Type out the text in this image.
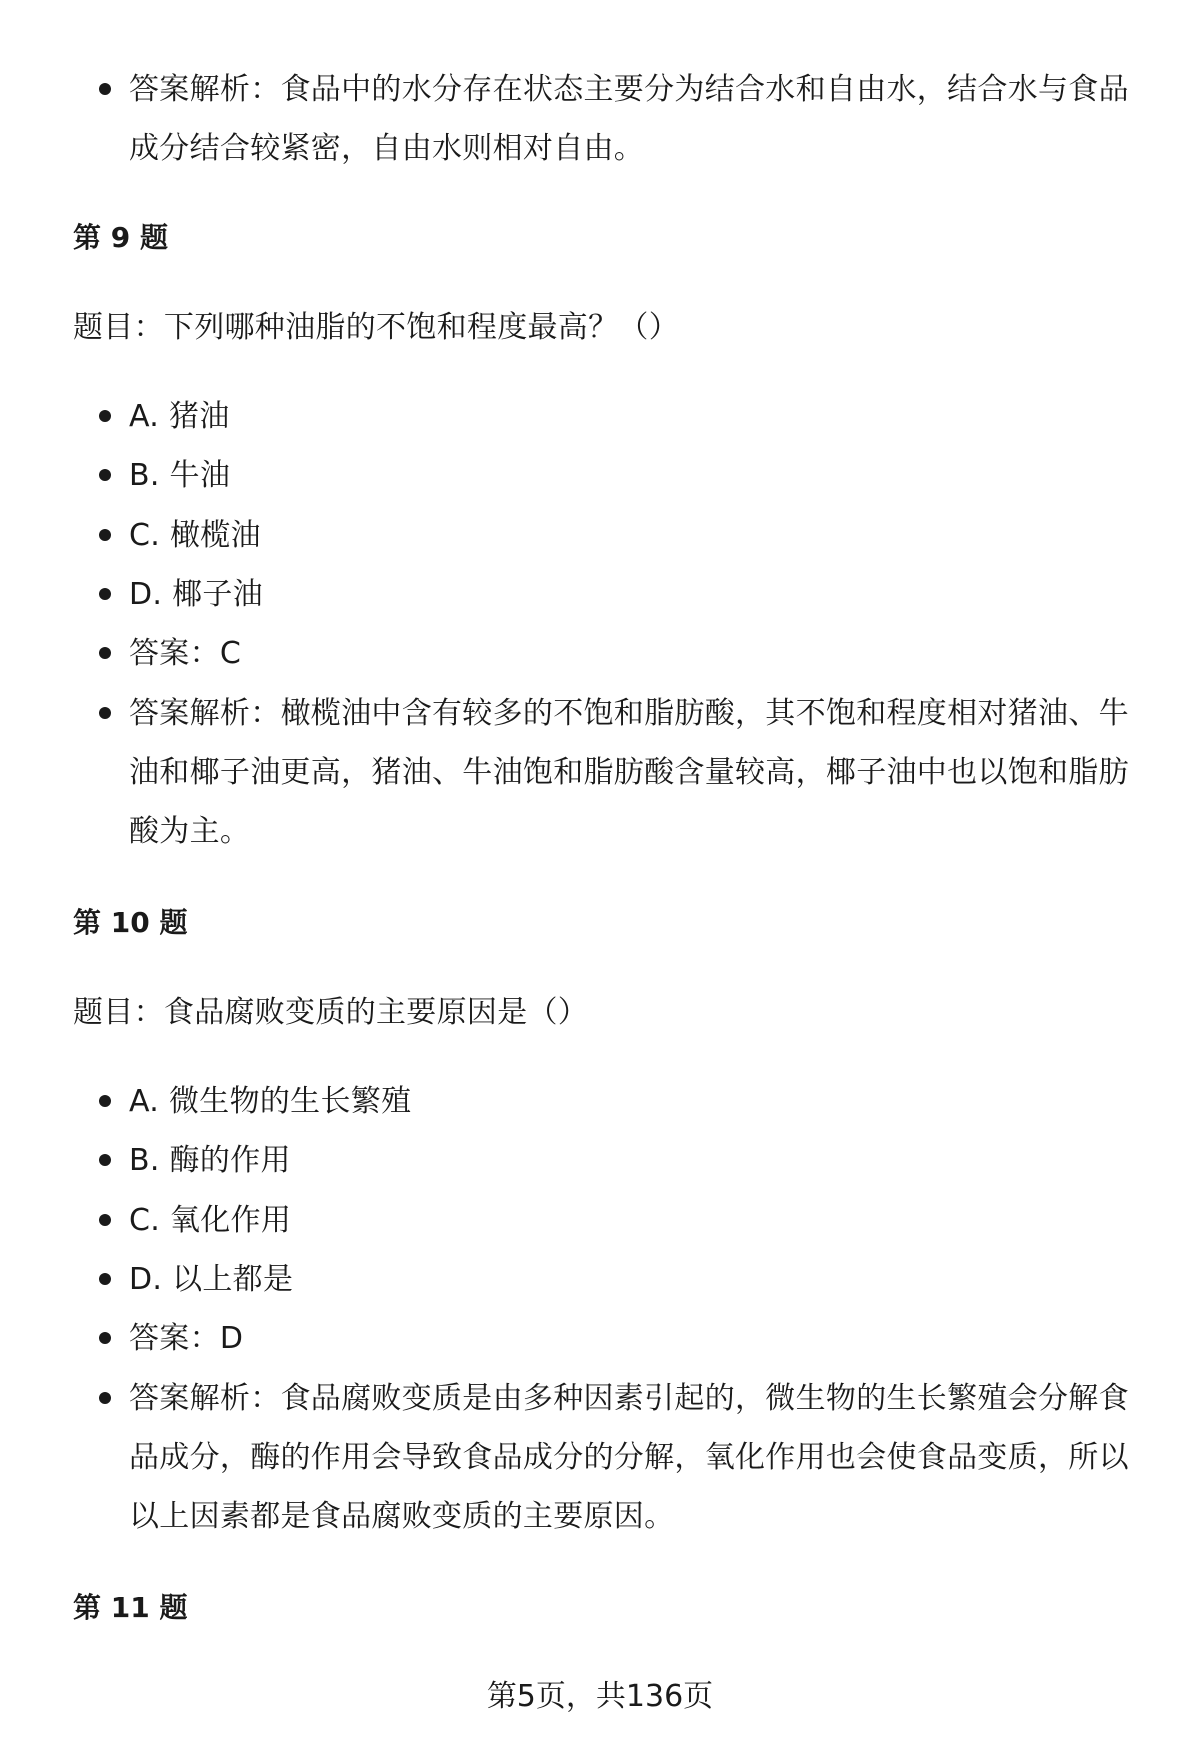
答案解析：食品中的水分存在状态主要分为结合水和自由水，结合水与食品成分结合较紧密，自由水则相对自由。
第 9 题
题目：下列哪种油脂的不饱和程度最高？（）
A. 猪油
B. 牛油
C. 橄榄油
D. 椰子油
答案：C
答案解析：橄榄油中含有较多的不饱和脂肪酸，其不饱和程度相对猪油、牛油和椰子油更高，猪油、牛油饱和脂肪酸含量较高，椰子油中也以饱和脂肪酸为主。
第 10 题
题目：食品腐败变质的主要原因是（）
A. 微生物的生长繁殖
B. 酶的作用
C. 氧化作用
D. 以上都是
答案：D
答案解析：食品腐败变质是由多种因素引起的，微生物的生长繁殖会分解食品成分，酶的作用会导致食品成分的分解，氧化作用也会使食品变质，所以以上因素都是食品腐败变质的主要原因。
第 11 题
第5页，共136页
